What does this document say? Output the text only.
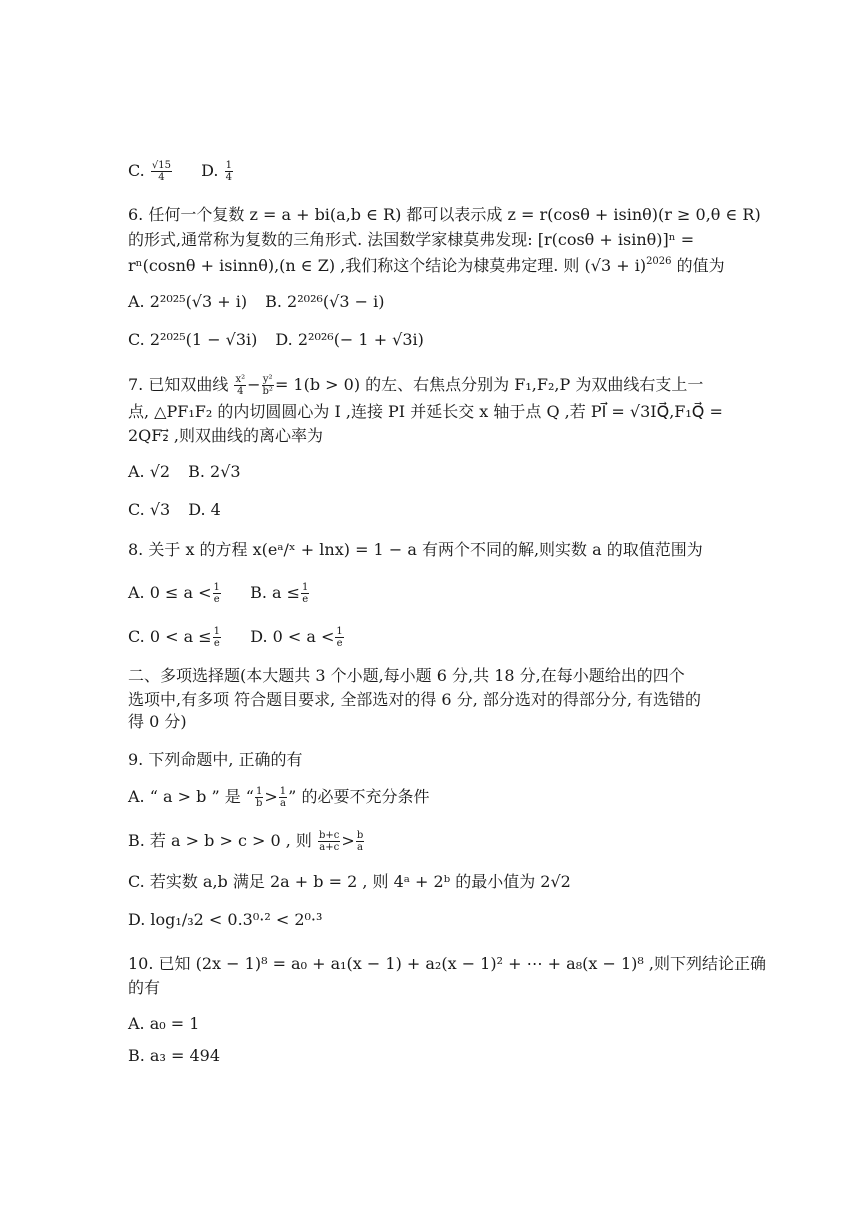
C. $\frac{√15}{4} D$. $\frac{1}{4}$
6. 任何一个复数 z = a + bi(a,b ∈ R) 都可以表示成 z = r(cosθ + isinθ)(r ≥ 0,θ ∈ R)
的形式,通常称为复数的三角形式. 法国数学家棣莫弗发现: [r(cosθ + isinθ)]ⁿ =
rⁿ(cosnθ + isinnθ),(n ∈ Z) ,我们称这个结论为棣莫弗定理. 则 $(√3 + i)^{2026}$ 的值为
A. 2²⁰²⁵(√3 + i) B. 2²⁰²⁶(√3 − i)
C. 2²⁰²⁵(1 − √3i) D. 2²⁰²⁶(− 1 + √3i)
7. 已知双曲线 $\frac{\text{x²}}{4} - \frac{\text{y²}}{\text{b²}} = 1(b > 0)$ 的左、右焦点分别为 F₁,F₂,P 为双曲线右支上一
点, △PF₁F₂ 的内切圆圆心为 I ,连接 PI 并延长交 x 轴于点 Q ,若 PI⃗ = √3IQ⃗,F₁Q⃗ =
2QF₂⃗ ,则双曲线的离心率为
A. √2 B. 2√3
C. √3 D. 4
8. 关于 x 的方程 x(eᵃ/ˣ + lnx) = 1 − a 有两个不同的解,则实数 a 的取值范围为
A. $0 \le a < \frac{1}{e} B$. $a \le \frac{1}{e}$
C. $0 < a \le \frac{1}{e} D$. $0 < a < \frac{1}{e}$
二、多项选择题(本大题共 3 个小题,每小题 6 分,共 18 分,在每小题给出的四个
选项中,有多项 符合题目要求, 全部选对的得 6 分, 部分选对的得部分分, 有选错的
得 0 分)
9. 下列命题中, 正确的有
A. “ a > b ” 是 “ $\frac{1}{b} > \frac{1}{a}$ ” 的必要不充分条件
B. 若 a > b > c > 0 , 则 $\frac{b+c}{a+c} > \frac{b}{a}$
C. 若实数 a,b 满足 2a + b = 2 , 则 4ᵃ + 2ᵇ 的最小值为 2√2
D. log₁/₃2 < 0.3⁰·² < 2⁰·³
10. 已知 (2x − 1)⁸ = a₀ + a₁(x − 1) + a₂(x − 1)² + ⋯ + a₈(x − 1)⁸ ,则下列结论正确
的有
A. a₀ = 1
B. a₃ = 494
